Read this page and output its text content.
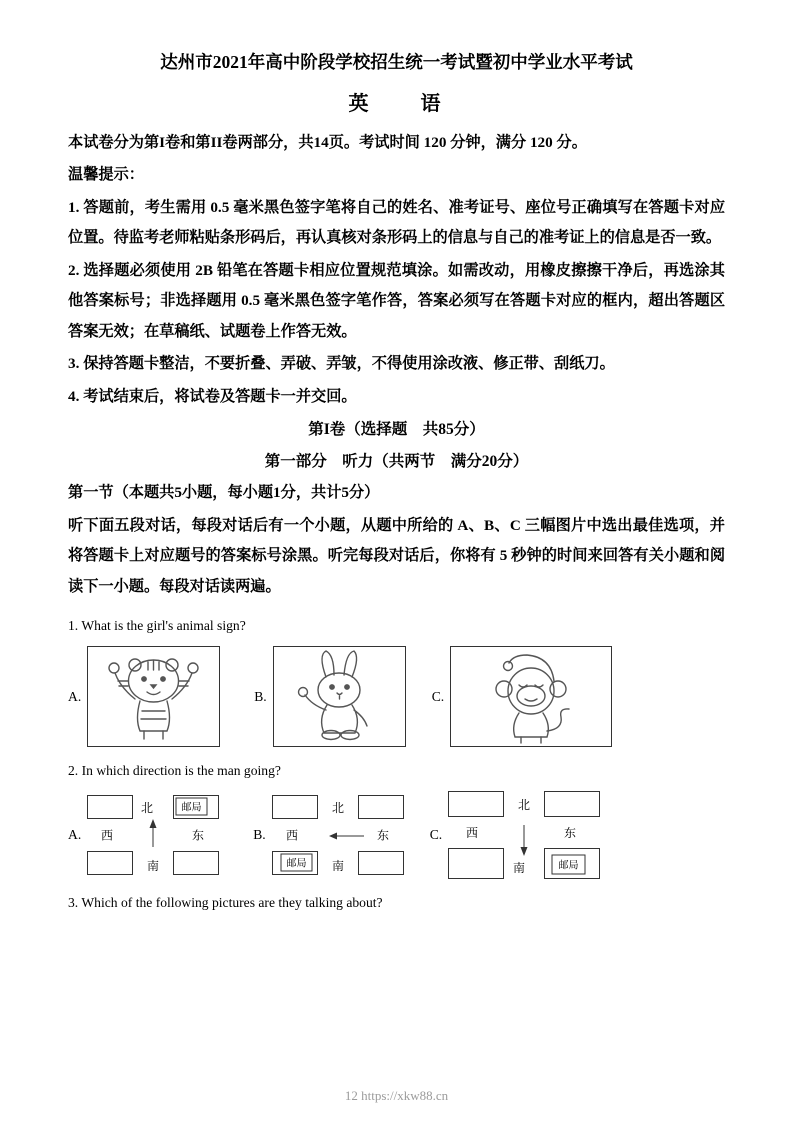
达州市2021年高中阶段学校招生统一考试暨初中学业水平考试
英　　语

本试卷分为第I卷和第II卷两部分，共14页。考试时间 120 分钟，满分 120 分。

温馨提示：

1. 答题前，考生需用 0.5 毫米黑色签字笔将自己的姓名、准考证号、座位号正确填写在答题卡对应位置。待监考老师粘贴条形码后，再认真核对条形码上的信息与自己的准考证上的信息是否一致。

2. 选择题必须使用 2B 铅笔在答题卡相应位置规范填涂。如需改动，用橡皮擦擦干净后，再选涂其他答案标号；非选择题用 0.5 毫米黑色签字笔作答，答案必须写在答题卡对应的框内，超出答题区答案无效；在草稿纸、试题卷上作答无效。

3. 保持答题卡整洁，不要折叠、弄破、弄皱，不得使用涂改液、修正带、刮纸刀。

4. 考试结束后，将试卷及答题卡一并交回。

第I卷（选择题　共85分）
第一部分　听力（共两节　满分20分）

第一节（本题共5小题，每小题1分，共计5分）

听下面五段对话，每段对话后有一个小题，从题中所给的 A、B、C 三幅图片中选出最佳选项，并将答题卡上对应题号的答案标号涂黑。听完每段对话后，你将有 5 秒钟的时间来回答有关小题和阅读下一小题。每段对话读两遍。

1. What is the girl's animal sign?

A.	B.	C.

2. In which direction is the man going?

A.
北	邮局
西	东
南
B.
北
西	东
邮局 南
C.
北
西	东
南	邮局

3. Which of the following pictures are they talking about?

12 https://xkw88.cn
